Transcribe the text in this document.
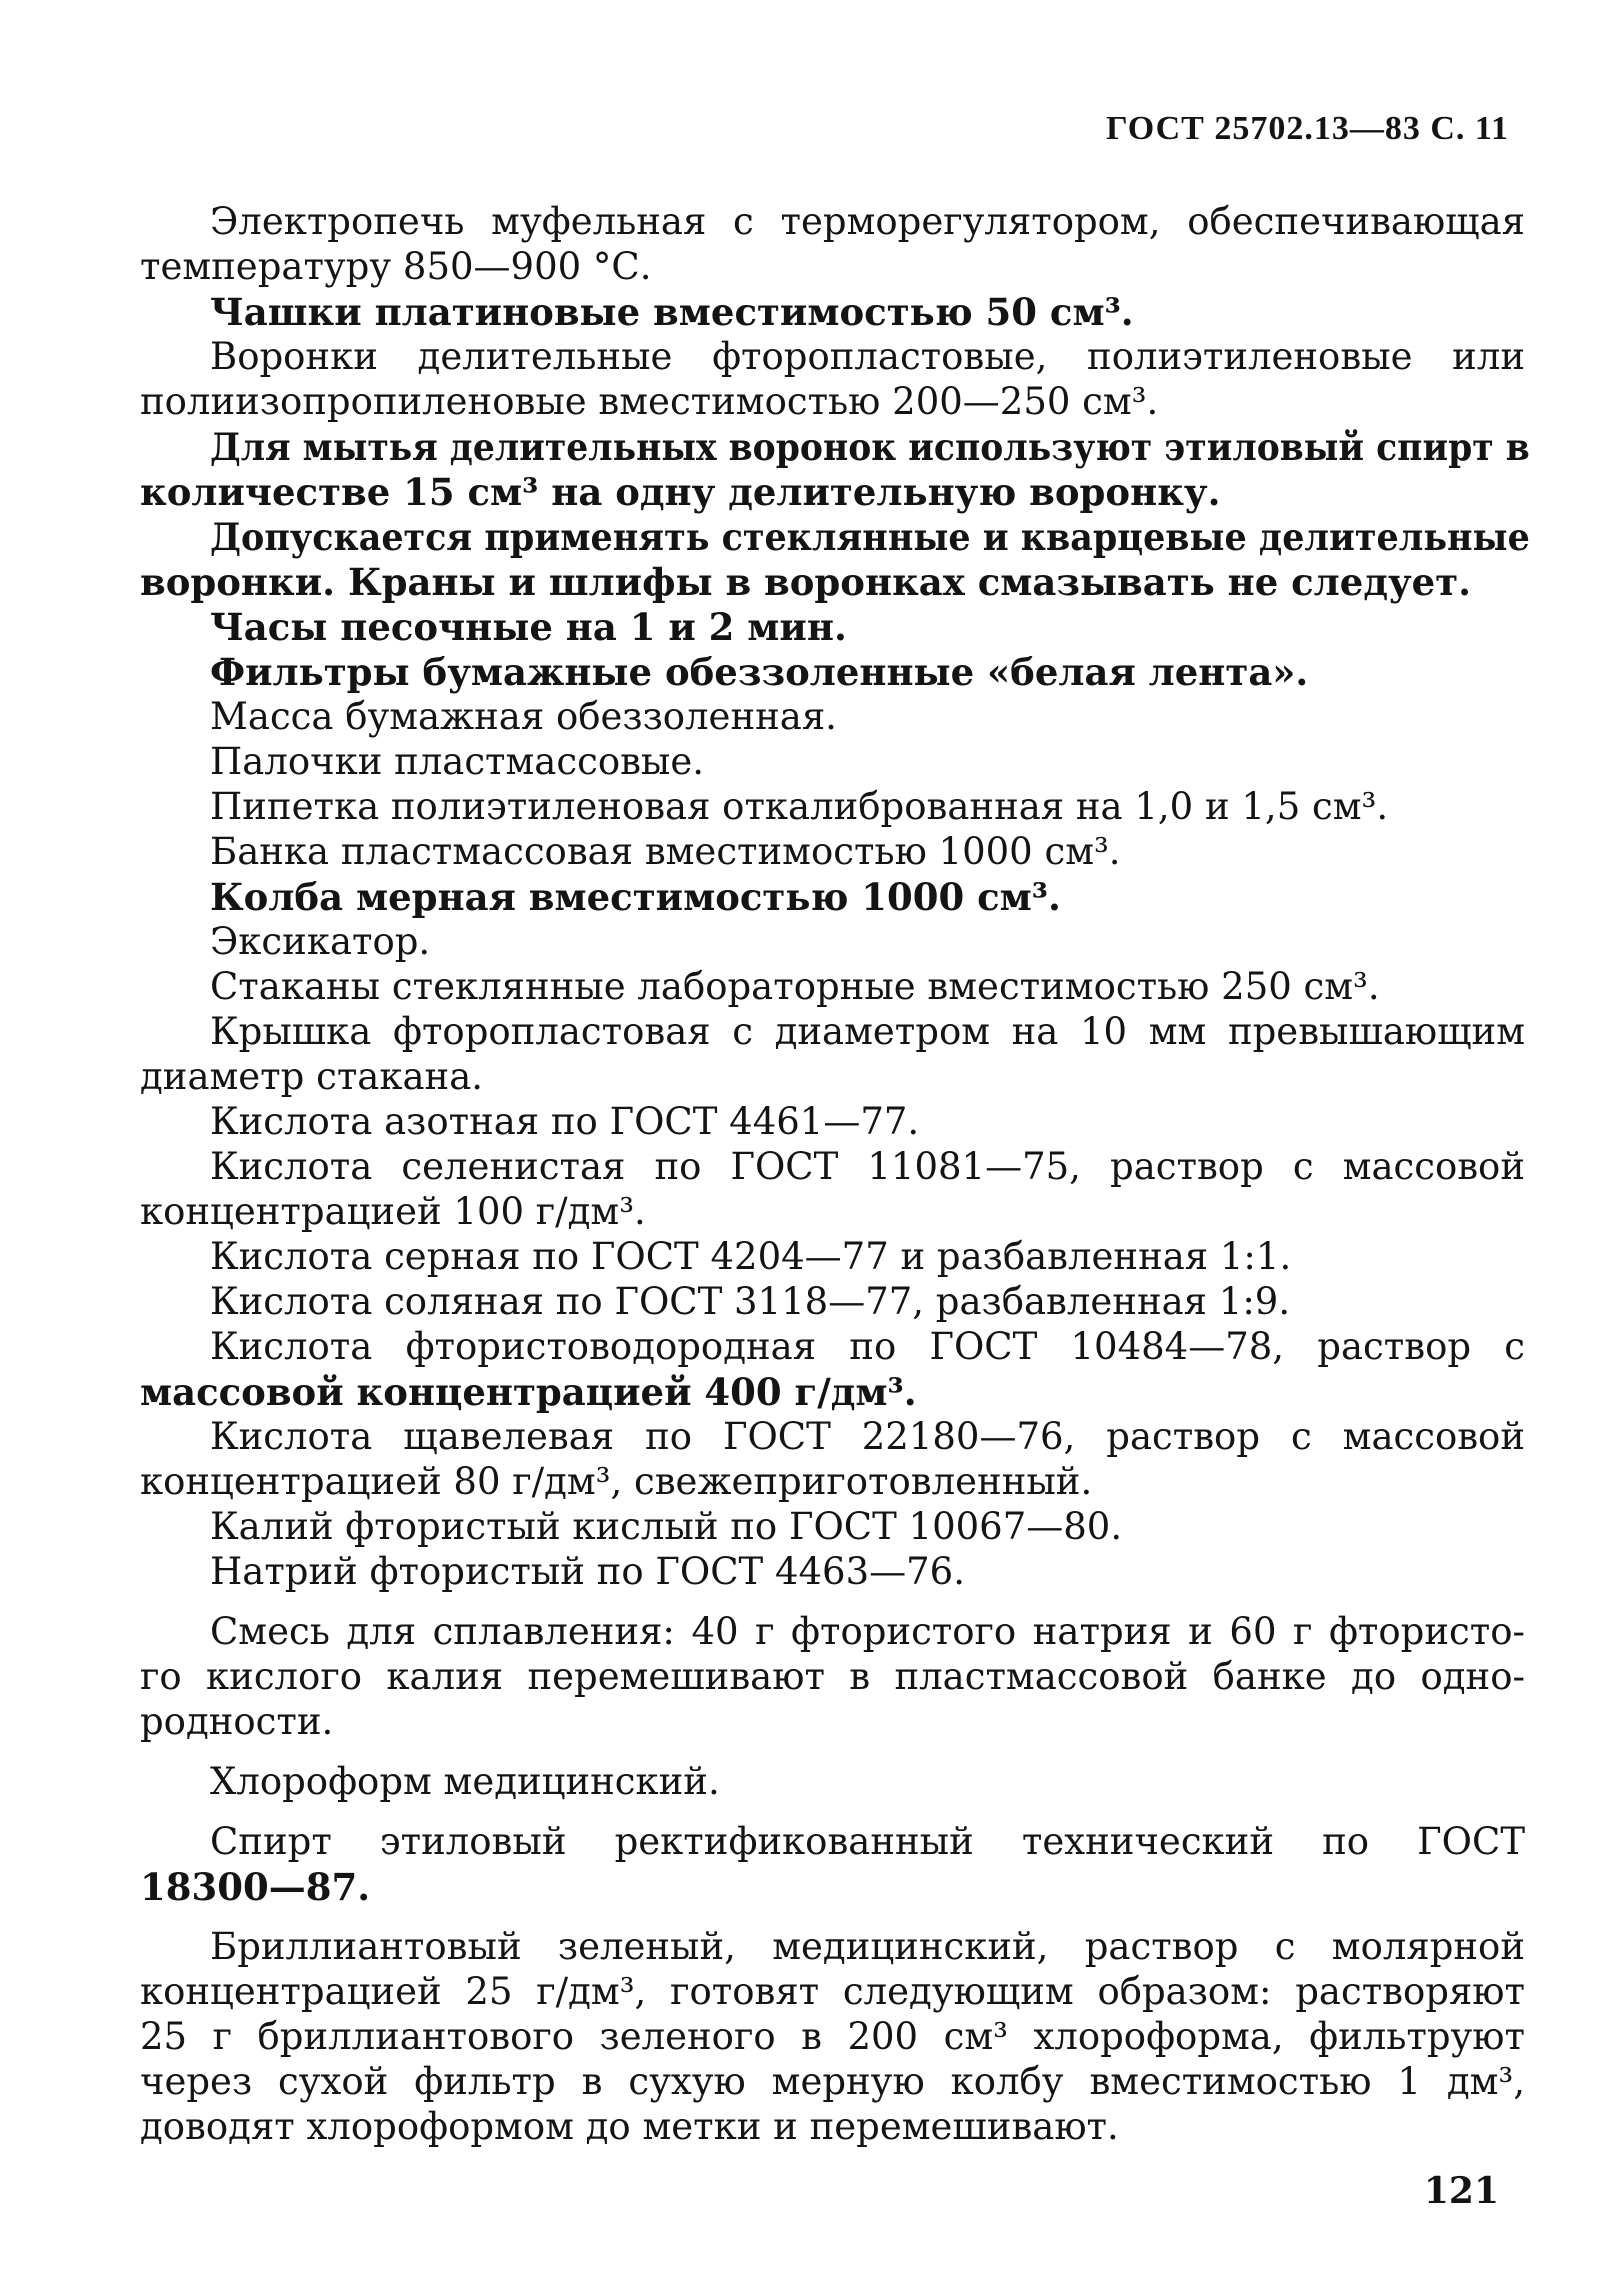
ГОСТ 25702.13—83 С. 11
Электропечь муфельная с терморегулятором, обеспечивающая
температуру 850—900 °С.
Чашки платиновые вместимостью 50 см³.
Воронки делительные фторопластовые, полиэтиленовые или
полиизопропиленовые вместимостью 200—250 см³.
Для мытья делительных воронок используют этиловый спирт в
количестве 15 см³ на одну делительную воронку.
Допускается применять стеклянные и кварцевые делительные
воронки. Краны и шлифы в воронках смазывать не следует.
Часы песочные на 1 и 2 мин.
Фильтры бумажные обеззоленные «белая лента».
Масса бумажная обеззоленная.
Палочки пластмассовые.
Пипетка полиэтиленовая откалиброванная на 1,0 и 1,5 см³.
Банка пластмассовая вместимостью 1000 см³.
Колба мерная вместимостью 1000 см³.
Эксикатор.
Стаканы стеклянные лабораторные вместимостью 250 см³.
Крышка фторопластовая с диаметром на 10 мм превышающим
диаметр стакана.
Кислота азотная по ГОСТ 4461—77.
Кислота селенистая по ГОСТ 11081—75, раствор с массовой
концентрацией 100 г/дм³.
Кислота серная по ГОСТ 4204—77 и разбавленная 1:1.
Кислота соляная по ГОСТ 3118—77, разбавленная 1:9.
Кислота фтористоводородная по ГОСТ 10484—78, раствор с
массовой концентрацией 400 г/дм³.
Кислота щавелевая по ГОСТ 22180—76, раствор с массовой
концентрацией 80 г/дм³, свежеприготовленный.
Калий фтористый кислый по ГОСТ 10067—80.
Натрий фтористый по ГОСТ 4463—76.
Смесь для сплавления: 40 г фтористого натрия и 60 г фтористо-
го кислого калия перемешивают в пластмассовой банке до одно-
родности.
Хлороформ медицинский.
Спирт этиловый ректификованный технический по ГОСТ
18300—87.
Бриллиантовый зеленый, медицинский, раствор с молярной
концентрацией 25 г/дм³, готовят следующим образом: растворяют
25 г бриллиантового зеленого в 200 см³ хлороформа, фильтруют
через сухой фильтр в сухую мерную колбу вместимостью 1 дм³,
доводят хлороформом до метки и перемешивают.
121
